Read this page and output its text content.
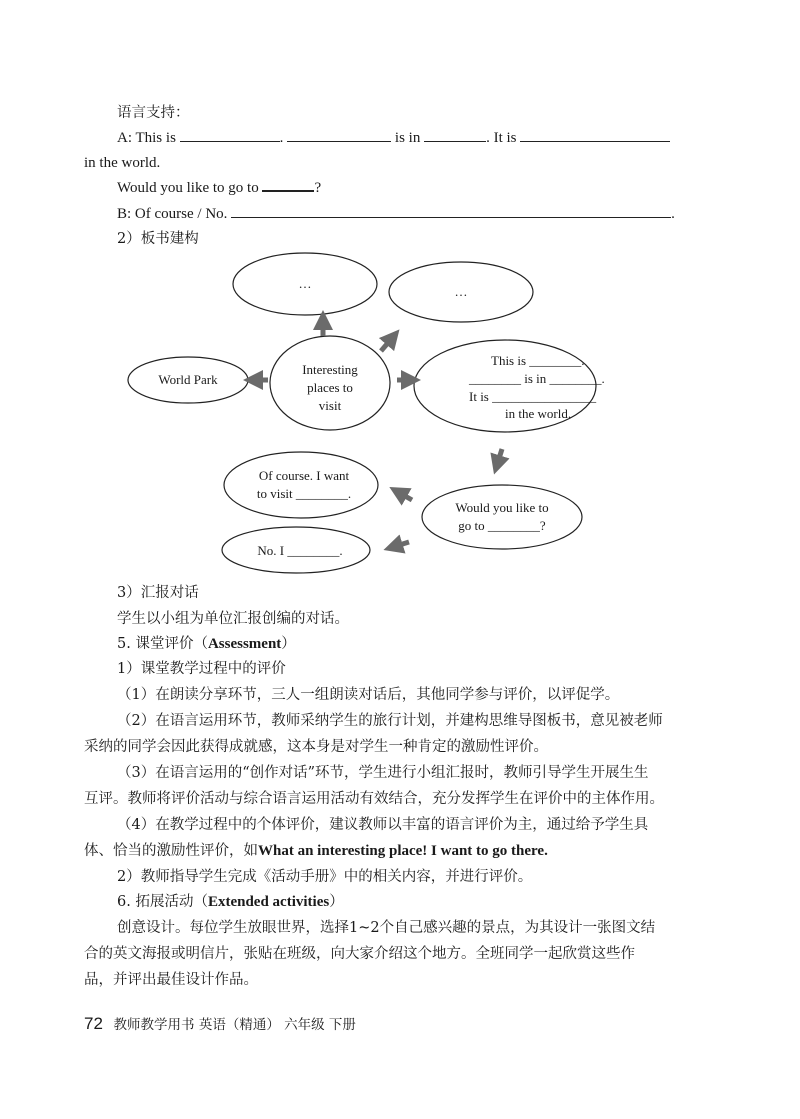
语言支持：
A: This is	.	is in	. It is
in the world.
Would you like to go to	?
B: Of course / No.	.
2）板书建构
…
…
World Park
Interesting
places to
visit
This is ________.
________ is in ________.
It is ________________
in the world.
Of course. I want
to visit ________.
No. I ________.
Would you like to
go to ________?
3）汇报对话
学生以小组为单位汇报创编的对话。
5. 课堂评价（Assessment）
1）课堂教学过程中的评价
（1）在朗读分享环节，三人一组朗读对话后，其他同学参与评价，以评促学。
（2）在语言运用环节，教师采纳学生的旅行计划，并建构思维导图板书，意见被老师
采纳的同学会因此获得成就感，这本身是对学生一种肯定的激励性评价。
（3）在语言运用的“创作对话”环节，学生进行小组汇报时，教师引导学生开展生生
互评。教师将评价活动与综合语言运用活动有效结合，充分发挥学生在评价中的主体作用。
（4）在教学过程中的个体评价，建议教师以丰富的语言评价为主，通过给予学生具
体、恰当的激励性评价，如What an interesting place! I want to go there.
2）教师指导学生完成《活动手册》中的相关内容，并进行评价。
6. 拓展活动（Extended activities）
创意设计。每位学生放眼世界，选择1~2个自己感兴趣的景点，为其设计一张图文结
合的英文海报或明信片，张贴在班级，向大家介绍这个地方。全班同学一起欣赏这些作
品，并评出最佳设计作品。
72 教师教学用书 英语（精通） 六年级 下册
